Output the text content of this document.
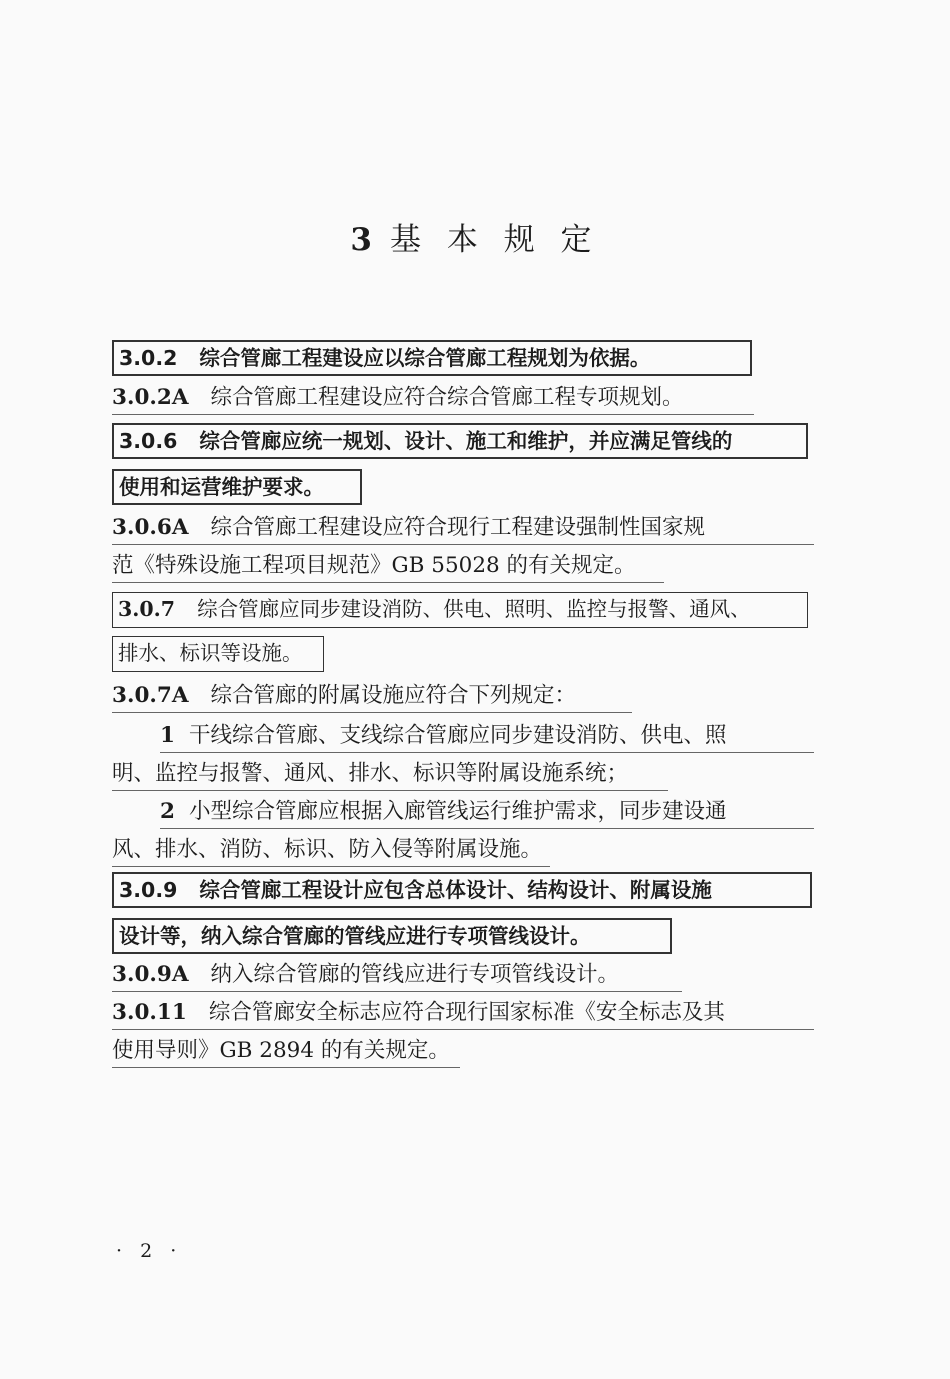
3 基 本 规 定
3.0.2 综合管廊工程建设应以综合管廊工程规划为依据。
3.0.2A 综合管廊工程建设应符合综合管廊工程专项规划。
3.0.6 综合管廊应统一规划、设计、施工和维护，并应满足管线的
使用和运营维护要求。
3.0.6A 综合管廊工程建设应符合现行工程建设强制性国家规
范《特殊设施工程项目规范》GB 55028 的有关规定。
3.0.7 综合管廊应同步建设消防、供电、照明、监控与报警、通风、
排水、标识等设施。
3.0.7A 综合管廊的附属设施应符合下列规定：
1 干线综合管廊、支线综合管廊应同步建设消防、供电、照
明、监控与报警、通风、排水、标识等附属设施系统；
2 小型综合管廊应根据入廊管线运行维护需求，同步建设通
风、排水、消防、标识、防入侵等附属设施。
3.0.9 综合管廊工程设计应包含总体设计、结构设计、附属设施
设计等，纳入综合管廊的管线应进行专项管线设计。
3.0.9A 纳入综合管廊的管线应进行专项管线设计。
3.0.11 综合管廊安全标志应符合现行国家标准《安全标志及其
使用导则》GB 2894 的有关规定。
· 2 ·
